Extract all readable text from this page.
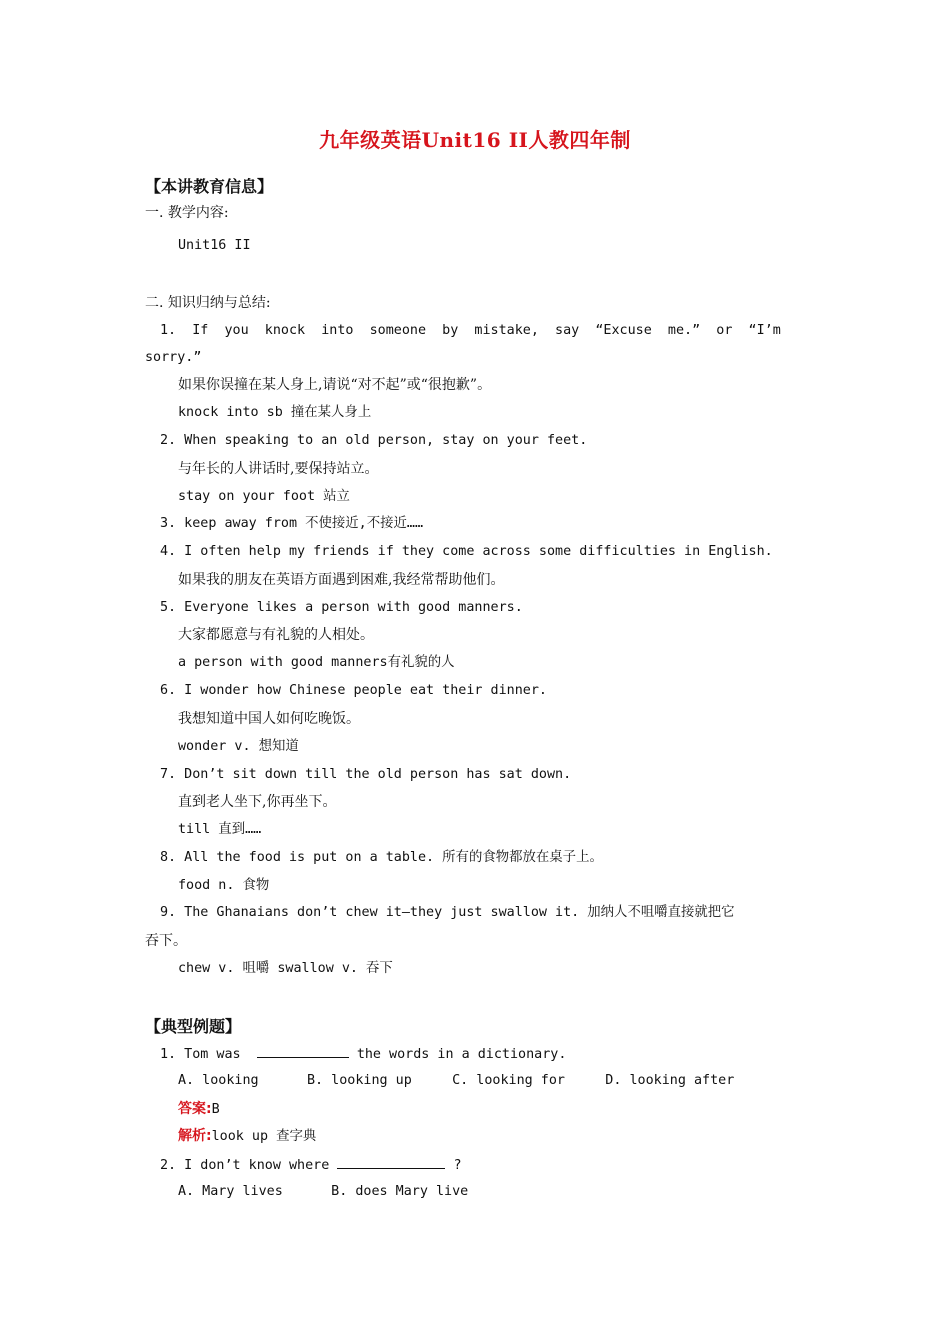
九年级英语Unit16 II人教四年制
【本讲教育信息】
一. 教学内容:
Unit16 II
二. 知识归纳与总结:
1.  If  you  knock  into  someone  by  mistake,  say  “Excuse  me.”  or  “I’m
sorry.”
如果你误撞在某人身上,请说“对不起”或“很抱歉”。
knock into sb 撞在某人身上
2. When speaking to an old person, stay on your feet.
与年长的人讲话时,要保持站立。
stay on your foot 站立
3. keep away from 不使接近,不接近……
4. I often help my friends if they come across some difficulties in English.
如果我的朋友在英语方面遇到困难,我经常帮助他们。
5. Everyone likes a person with good manners.
大家都愿意与有礼貌的人相处。
a person with good manners有礼貌的人
6. I wonder how Chinese people eat their dinner.
我想知道中国人如何吃晚饭。
wonder v. 想知道
7. Don’t sit down till the old person has sat down.
直到老人坐下,你再坐下。
till 直到……
8. All the food is put on a table. 所有的食物都放在桌子上。
food n. 食物
9. The Ghanaians don’t chew it—they just swallow it. 加纳人不咀嚼直接就把它
吞下。
chew v. 咀嚼 swallow v. 吞下
【典型例题】
1. Tom was	the words in a dictionary.
A. looking      B. looking up     C. looking for     D. looking after
答案:B
解析:look up 查字典
2. I don’t know where	?
A. Mary lives      B. does Mary live
